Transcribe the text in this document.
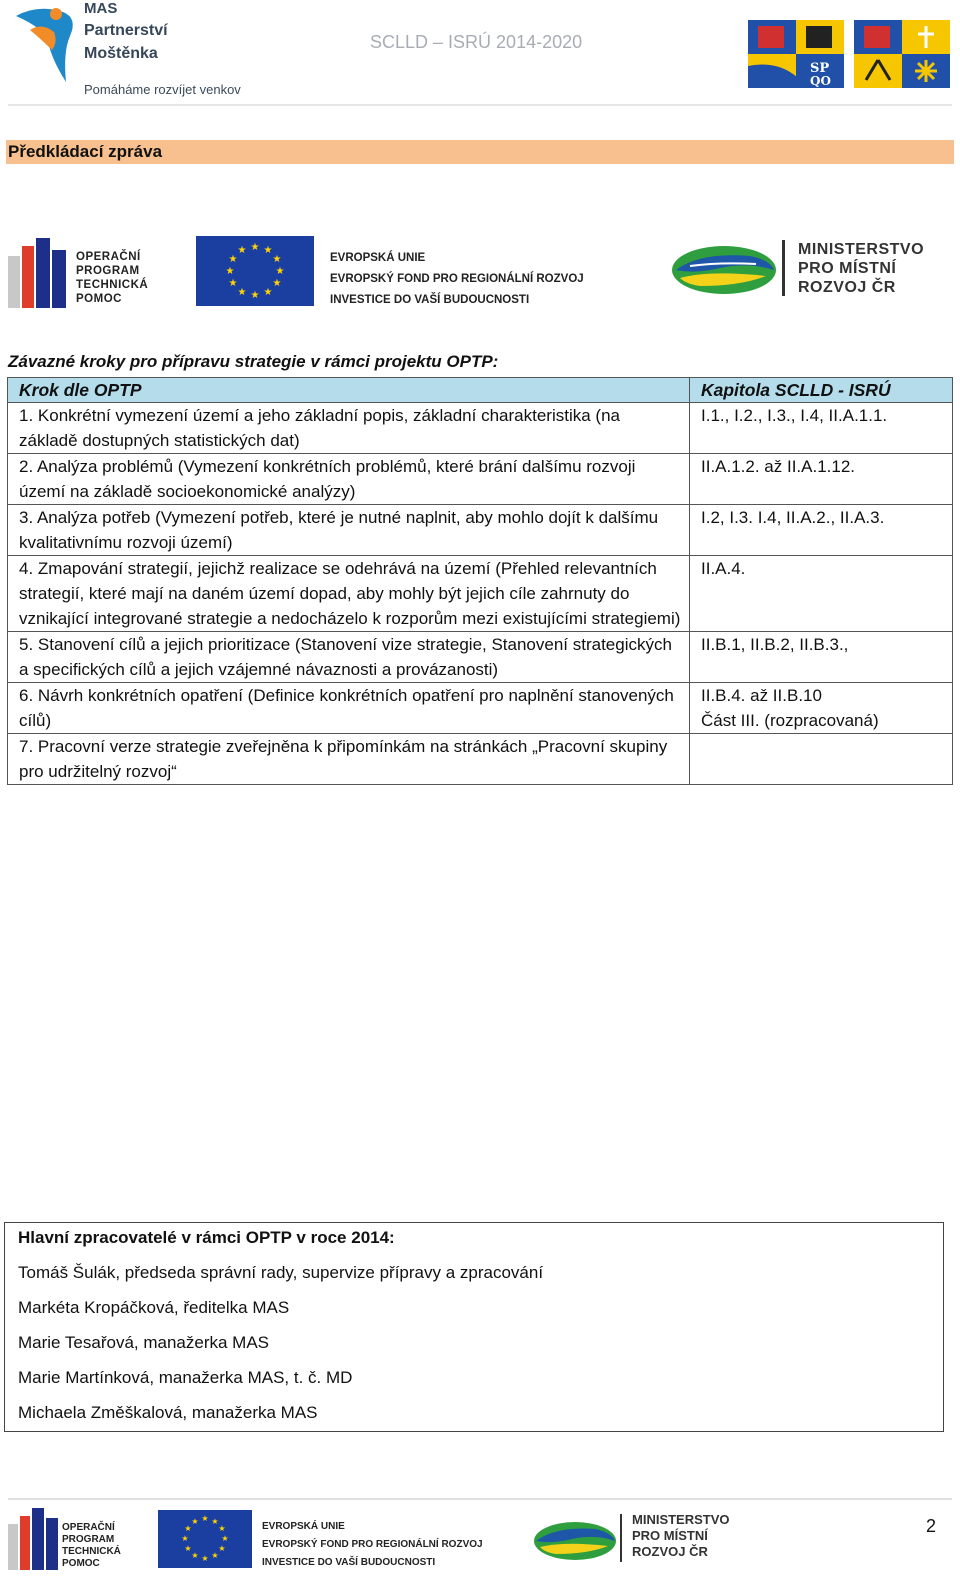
MAS
Partnerství
Moštěnka
Pomáháme rozvíjet venkov
SCLLD – ISRÚ 2014-2020
SP
QO
Předkládací zpráva
OPERAČNÍ
PROGRAM
TECHNICKÁ
POMOC
★ ★
★
★
★
★
★
★
★
★
★
★
EVROPSKÁ UNIE
EVROPSKÝ FOND PRO REGIONÁLNÍ ROZVOJ
INVESTICE DO VAŠÍ BUDOUCNOSTI
MINISTERSTVO
PRO MÍSTNÍ
ROZVOJ ČR
Závazné kroky pro přípravu strategie v rámci projektu OPTP:
Krok dle OPTP	Kapitola SCLLD - ISRÚ
1. Konkrétní vymezení území a jeho základní popis, základní charakteristika (na základě dostupných statistických dat)	I.1., I.2., I.3., I.4, II.A.1.1.
2. Analýza problémů (Vymezení konkrétních problémů, které brání dalšímu rozvoji území na základě socioekonomické analýzy)	II.A.1.2. až II.A.1.12.
3. Analýza potřeb (Vymezení potřeb, které je nutné naplnit, aby mohlo dojít k dalšímu kvalitativnímu rozvoji území)	I.2, I.3. I.4, II.A.2., II.A.3.
4. Zmapování strategií, jejichž realizace se odehrává na území (Přehled relevantních strategií, které mají na daném území dopad, aby mohly být jejich cíle zahrnuty do vznikající integrované strategie a nedocházelo k rozporům mezi existujícími strategiemi)	II.A.4.
5. Stanovení cílů a jejich prioritizace (Stanovení vize strategie, Stanovení strategických a specifických cílů a jejich vzájemné návaznosti a provázanosti)	II.B.1, II.B.2, II.B.3.,
6. Návrh konkrétních opatření (Definice konkrétních opatření pro naplnění stanovených cílů)	II.B.4. až II.B.10
Část III. (rozpracovaná)

7. Pracovní verze strategie zveřejněna k připomínkám na stránkách „Pracovní skupiny pro udržitelný rozvoj“	
Hlavní zpracovatelé v rámci OPTP v roce 2014:
Tomáš Šulák, předseda správní rady, supervize přípravy a zpracování
Markéta Kropáčková, ředitelka MAS
Marie Tesařová, manažerka MAS
Marie Martínková, manažerka MAS, t. č. MD
Michaela Změškalová, manažerka MAS
OPERAČNÍ
PROGRAM
TECHNICKÁ
POMOC
★ ★
★
★
★
★
★
★
★
★
★
★	EVROPSKÁ UNIE
EVROPSKÝ FOND PRO REGIONÁLNÍ ROZVOJ
INVESTICE DO VAŠÍ BUDOUCNOSTI
MINISTERSTVO
PRO MÍSTNÍ
ROZVOJ ČR
2
